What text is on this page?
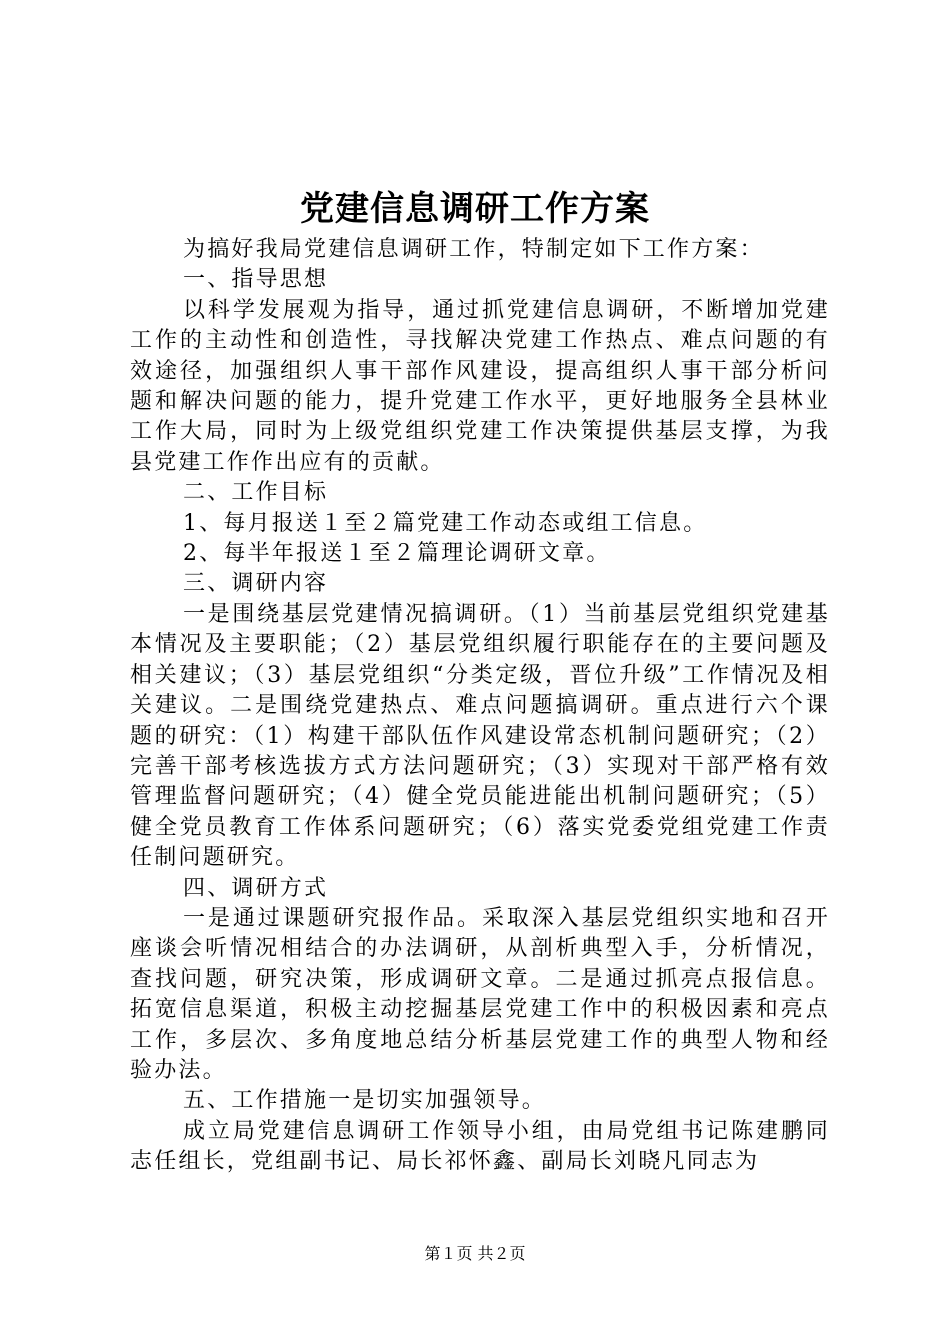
党建信息调研工作方案

为搞好我局党建信息调研工作，特制定如下工作方案：

一、指导思想

以科学发展观为指导，通过抓党建信息调研，不断增加党建工作的主动性和创造性，寻找解决党建工作热点、难点问题的有效途径，加强组织人事干部作风建设，提高组织人事干部分析问题和解决问题的能力，提升党建工作水平，更好地服务全县林业工作大局，同时为上级党组织党建工作决策提供基层支撑，为我县党建工作作出应有的贡献。

二、工作目标

1、每月报送１至２篇党建工作动态或组工信息。

2、每半年报送１至２篇理论调研文章。

三、调研内容

一是围绕基层党建情况搞调研。（1）当前基层党组织党建基本情况及主要职能；（2）基层党组织履行职能存在的主要问题及相关建议；（3）基层党组织“分类定级，晋位升级”工作情况及相关建议。二是围绕党建热点、难点问题搞调研。重点进行六个课题的研究：（1）构建干部队伍作风建设常态机制问题研究；（2）完善干部考核选拔方式方法问题研究；（3）实现对干部严格有效管理监督问题研究；（4）健全党员能进能出机制问题研究；（5）健全党员教育工作体系问题研究；（6）落实党委党组党建工作责任制问题研究。

四、调研方式

一是通过课题研究报作品。采取深入基层党组织实地和召开座谈会听情况相结合的办法调研，从剖析典型入手，分析情况，查找问题，研究决策，形成调研文章。二是通过抓亮点报信息。拓宽信息渠道，积极主动挖掘基层党建工作中的积极因素和亮点工作，多层次、多角度地总结分析基层党建工作的典型人物和经验办法。

五、工作措施一是切实加强领导。

成立局党建信息调研工作领导小组，由局党组书记陈建鹏同志任组长，党组副书记、局长祁怀鑫、副局长刘晓凡同志为

第１页 共２页
